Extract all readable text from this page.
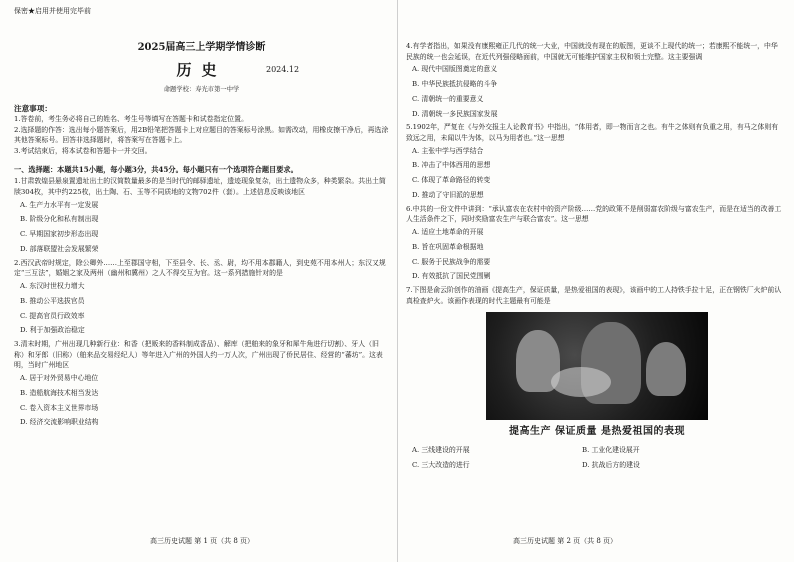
保密★启用并使用完毕前
2025届高三上学期学情诊断
历史	2024.12
命题学校：寿光市第一中学
注意事项：

1.答卷前，考生务必将自己的姓名、考生号等填写在答题卡和试卷指定位置。

2.选择题的作答：选出每小题答案后，用2B铅笔把答题卡上对应题目的答案标号涂黑。如需改动，用橡皮擦干净后，再选涂其他答案标号。回答非选择题时，将答案写在答题卡上。

3.考试结束后，将本试卷和答题卡一并交回。

一、选择题：本题共15小题，每小题3分，共45分。每小题只有一个选项符合题目要求。

1.甘肃敦煌县悬泉置遗址出土的汉简数量最多的是当时代的邮驿遗址，遗迹现象复杂，出土遗物众多，种类繁杂。共出土简牍304枚，其中约225枚，出土陶、石、玉等不同质地的文物702件（套）。上述信息反映该地区

A. 生产力水平有一定发展

B. 阶级分化和私有制出现

C. 早期国家初步形态出现

D. 部落联盟社会发展繁荣

2.西汉武帝时规定，除公卿外……上至郡国守相，下至县令、长、丞、尉，均不用本郡籍人，到史苑不用本州人；东汉又规定“三互法”，婚姻之家及两州（幽州和冀州）之人不得交互为官。这一系列措施针对的是

A. 东汉时世权力增大

B. 推动公平选拔官员

C. 提高官员行政效率

D. 利于加强政治稳定

3.清末时期，广州出现几种新行业：和香（把贩来的香料制成香品）、解库（把舶来的象牙和犀牛角进行切割）、牙人（旧称）和牙郎（旧称）（舶来品交易经纪人）等年进入广州的外国人约一万人次，广州出现了侨民居住、经营的“蕃坊”。这表明，当时广州地区

A. 居于对外贸易中心地位

B. 造船航海技术相当发达

C. 卷入资本主义世界市场

D. 经济交流影响职业结构

高三历史试题 第 1 页（共 8 页）

4.有学者指出，如果没有康熙雍正几代的统一大业，中国就没有现在的版图，更谈不上现代的统一；若康熙不能统一，中华民族的统一也会延误，在近代列强侵略面前，中国就无可能维护国家主权和领土完整。这主要强调

A. 现代中国版图奠定的意义

B. 中华民族抵抗侵略的斗争

C. 清朝统一的重要意义

D. 清朝统一多民族国家发展

5.1902年，严复在《与外交报主人论教育书》中指出，“体用者，即一物而言之也。有牛之体则有负重之用，有马之体则有致远之用，未闻以牛为体，以马为用者也。”这一思想

A. 主张中学与西学结合

B. 冲击了中体西用的思想

C. 体现了革命路径的转变

D. 推动了守旧派的思想

6.中共的一份文件中讲到：“承认富农在农村中的资产阶级……党的政策不是削弱富农阶级与富农生产，而是在适当的改善工人生活条件之下，同时奖励富农生产与联合富农”。这一思想

A. 适应土地革命的开展

B. 旨在巩固革命根据地

C. 服务于民族战争的需要

D. 有效抵抗了国民党围剿

7.下图是俞云阶创作的油画《提高生产，保证质量，是热爱祖国的表现》，该画中的工人持铁手拉十足，正在钢铁厂火炉前认真检查炉火。该画作表现的时代主题最有可能是

提高生产 保证质量 是热爱祖国的表现

A. 三线建设的开展	B. 工业化建设展开

C. 三大改造的进行	D. 抗战后方的建设

高三历史试题 第 2 页（共 8 页）
